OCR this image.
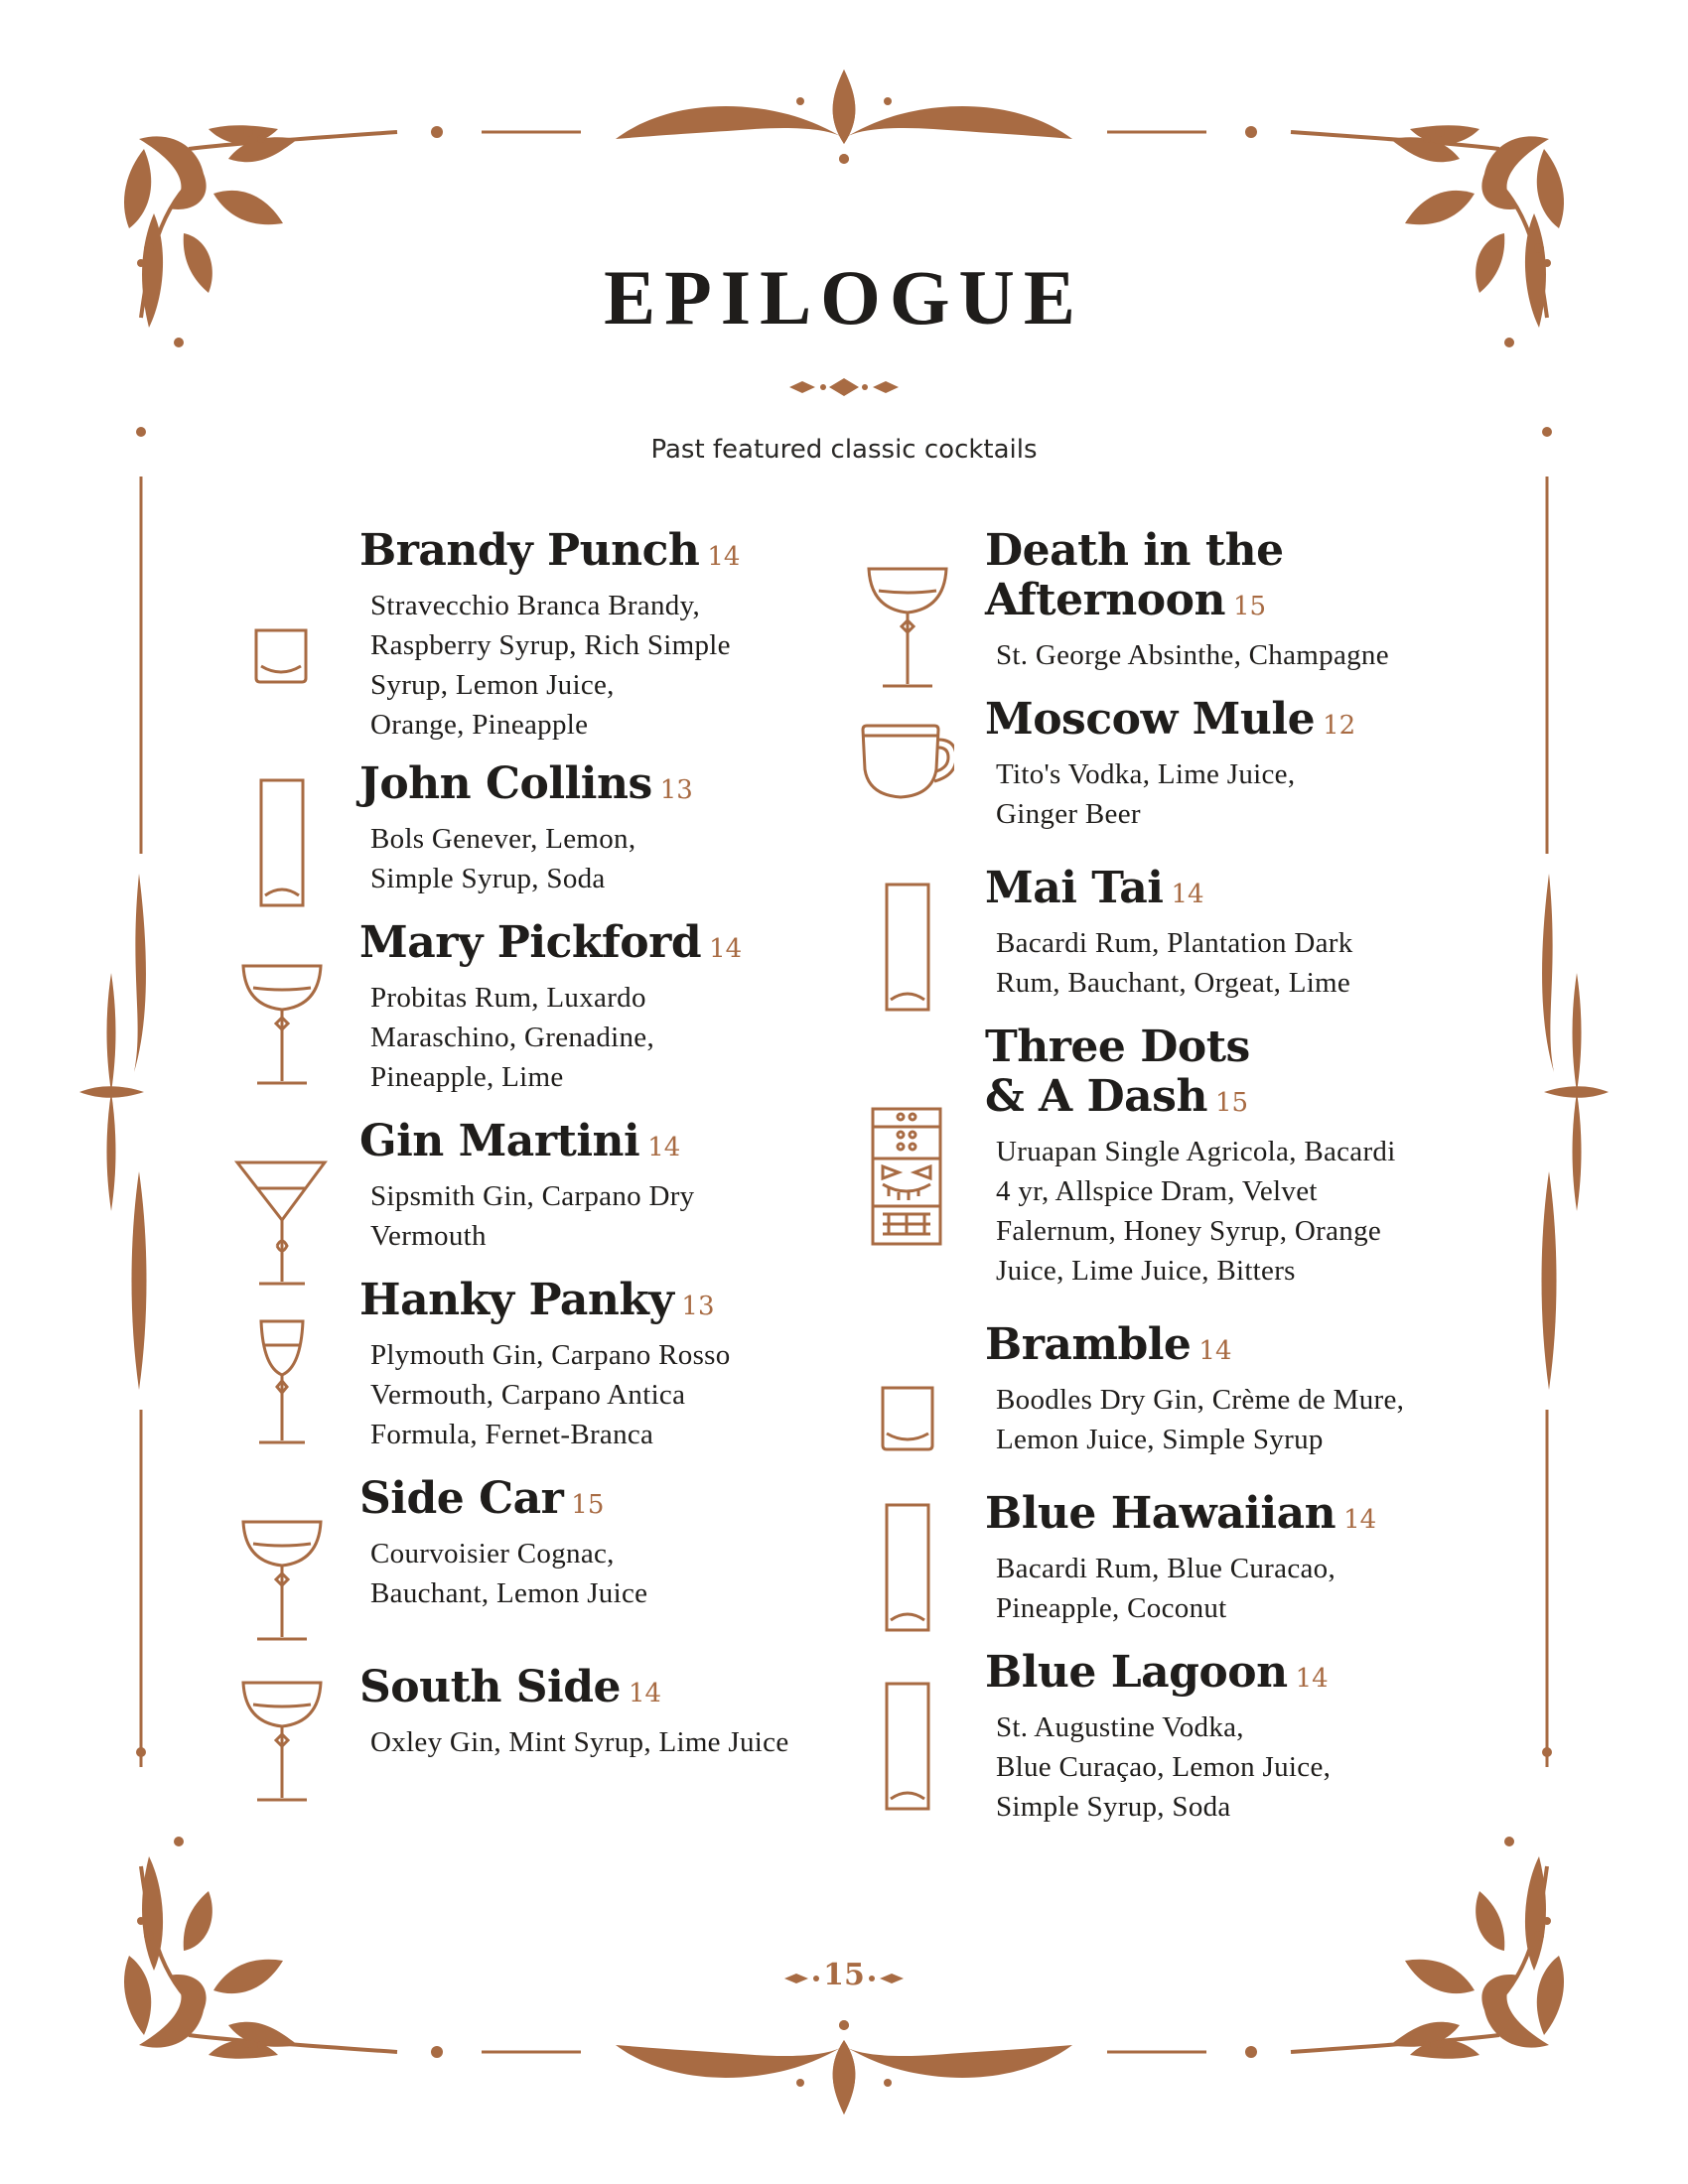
EPILOGUE
Past featured classic cocktails
Brandy Punch 14
Stravecchio Branca Brandy,
Raspberry Syrup, Rich Simple
Syrup, Lemon Juice,
Orange, Pineapple
John Collins 13
Bols Genever, Lemon,
Simple Syrup, Soda
Mary Pickford 14
Probitas Rum, Luxardo
Maraschino, Grenadine,
Pineapple, Lime
Gin Martini 14
Sipsmith Gin, Carpano Dry
Vermouth
Hanky Panky 13
Plymouth Gin, Carpano Rosso
Vermouth, Carpano Antica
Formula, Fernet-Branca
Side Car 15
Courvoisier Cognac,
Bauchant, Lemon Juice
South Side 14
Oxley Gin, Mint Syrup, Lime Juice
Death in the
Afternoon 15
St. George Absinthe, Champagne
Moscow Mule 12
Tito's Vodka, Lime Juice,
Ginger Beer
Mai Tai 14
Bacardi Rum, Plantation Dark
Rum, Bauchant, Orgeat, Lime
Three Dots
& A Dash 15
Uruapan Single Agricola, Bacardi
4 yr, Allspice Dram, Velvet
Falernum, Honey Syrup, Orange
Juice, Lime Juice, Bitters
Bramble 14
Boodles Dry Gin, Crème de Mure,
Lemon Juice, Simple Syrup
Blue Hawaiian 14
Bacardi Rum, Blue Curacao,
Pineapple, Coconut
Blue Lagoon 14
St. Augustine Vodka,
Blue Curaçao, Lemon Juice,
Simple Syrup, Soda
15
